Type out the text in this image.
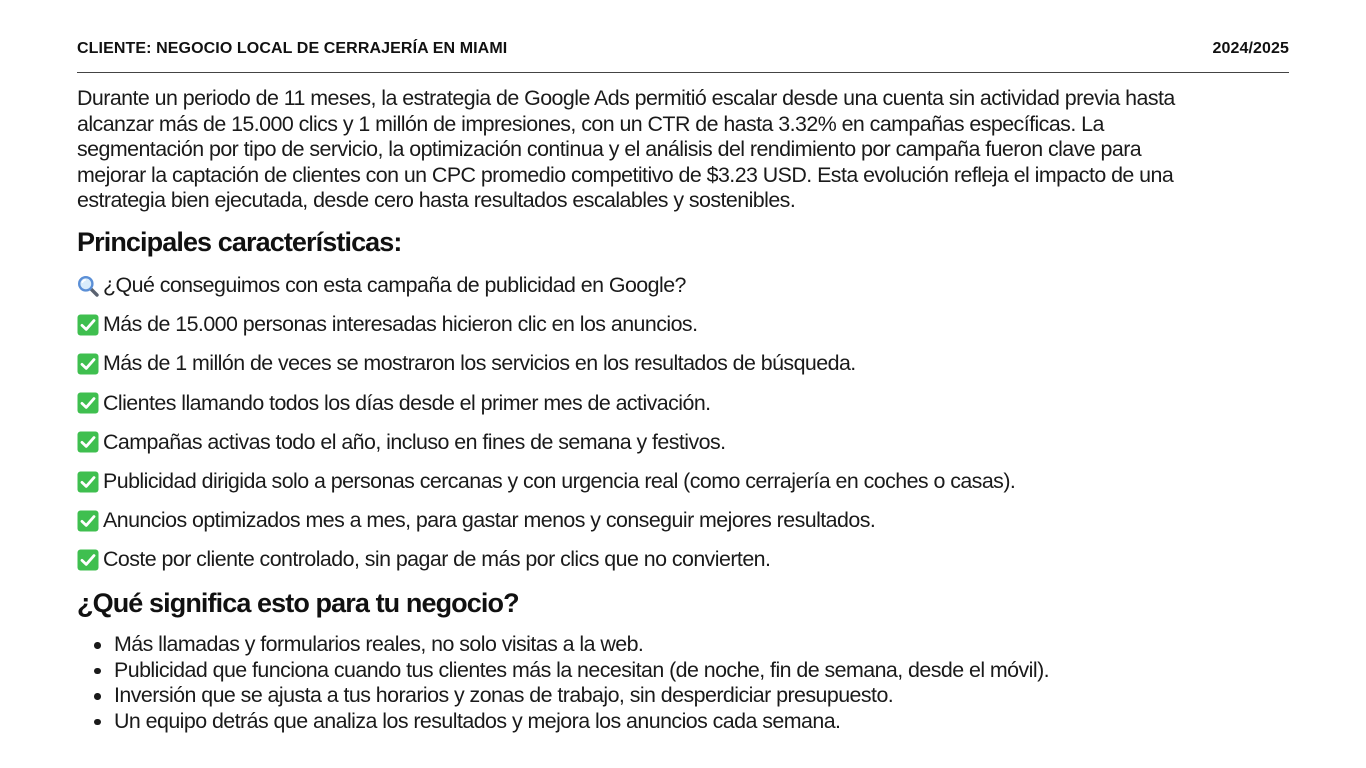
CLIENTE: NEGOCIO LOCAL DE CERRAJERÍA EN MIAMI	2024/2025
Durante un periodo de 11 meses, la estrategia de Google Ads permitió escalar desde una cuenta sin actividad previa hasta
alcanzar más de 15.000 clics y 1 millón de impresiones, con un CTR de hasta 3.32% en campañas específicas. La
segmentación por tipo de servicio, la optimización continua y el análisis del rendimiento por campaña fueron clave para
mejorar la captación de clientes con un CPC promedio competitivo de $3.23 USD. Esta evolución refleja el impacto de una
estrategia bien ejecutada, desde cero hasta resultados escalables y sostenibles.
Principales características:
¿Qué conseguimos con esta campaña de publicidad en Google?
Más de 15.000 personas interesadas hicieron clic en los anuncios.
Más de 1 millón de veces se mostraron los servicios en los resultados de búsqueda.
Clientes llamando todos los días desde el primer mes de activación.
Campañas activas todo el año, incluso en fines de semana y festivos.
Publicidad dirigida solo a personas cercanas y con urgencia real (como cerrajería en coches o casas).
Anuncios optimizados mes a mes, para gastar menos y conseguir mejores resultados.
Coste por cliente controlado, sin pagar de más por clics que no convierten.
¿Qué significa esto para tu negocio?
Más llamadas y formularios reales, no solo visitas a la web.
Publicidad que funciona cuando tus clientes más la necesitan (de noche, fin de semana, desde el móvil).
Inversión que se ajusta a tus horarios y zonas de trabajo, sin desperdiciar presupuesto.
Un equipo detrás que analiza los resultados y mejora los anuncios cada semana.
